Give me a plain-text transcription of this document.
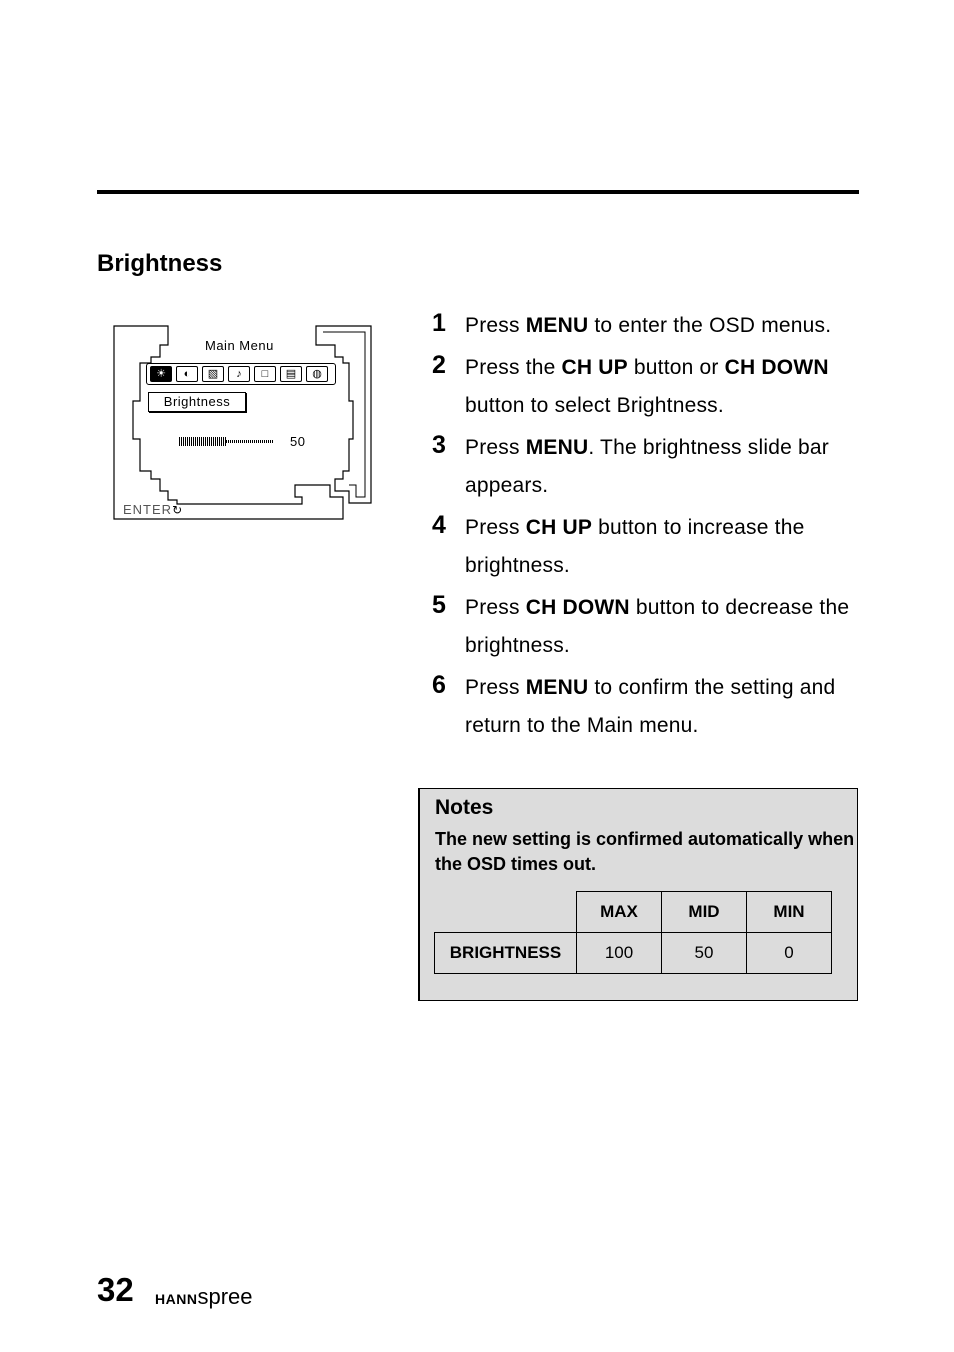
Brightness
Main Menu
☀	◐	▧	♪	□	▤	◍
Brightness
50
ENTER↻
1 Press MENU to enter the OSD menus.
2 Press the CH UP button or CH DOWN button to select Brightness.
3 Press MENU. The brightness slide bar appears.
4 Press CH UP button to increase the brightness.
5 Press CH DOWN button to decrease the brightness.
6 Press MENU to confirm the setting and return to the Main menu.
Notes
The new setting is confirmed automatically when the OSD times out.
	MAX	MID	MIN
BRIGHTNESS	100	50	0
32 HANNspree
